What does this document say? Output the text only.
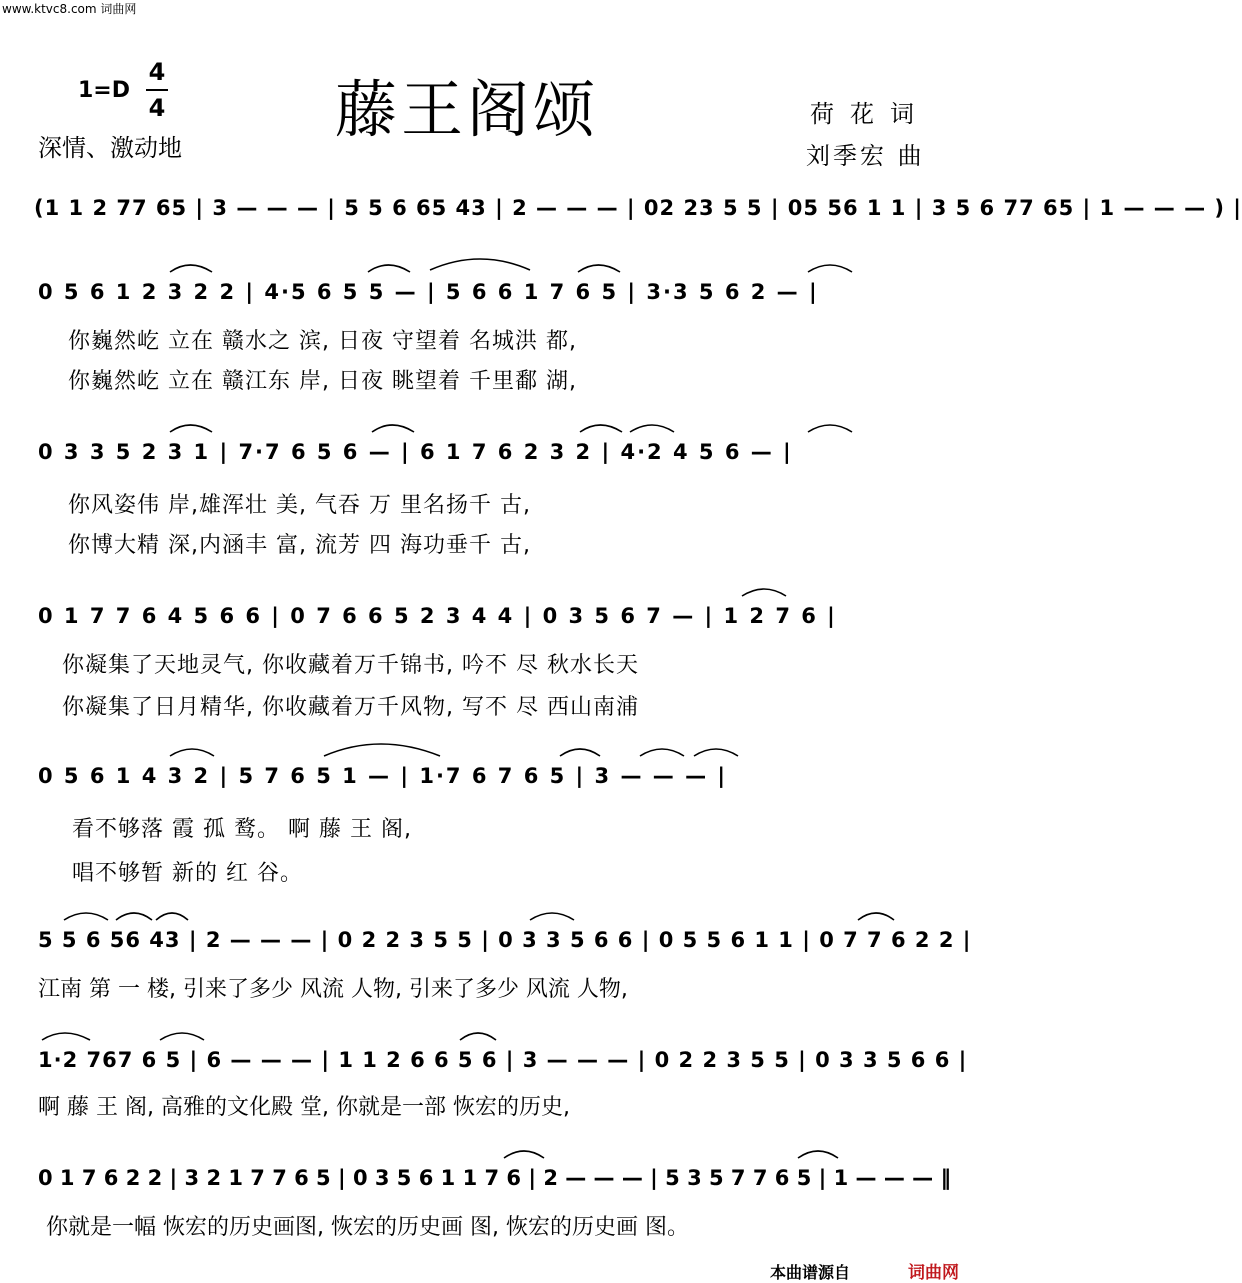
www.ktvc8.com 词曲网
1=D
4
4
深情、激动地
藤王阁颂	荷花词
刘季宏 曲
(1 1 2 77 65 | 3 — — — | 5 5 6 65 43 | 2 — — — | 02 23 5 5 | 05 56 1 1 | 3 5 6 77 65 | 1 — — — ) |
0 5 6 1 2 3 2 2 | 4·5 6 5 5 — | 5 6 6 1 7 6 5 | 3·3 5 6 2 — |
你巍然屹 立在 赣水之 滨, 日夜 守望着 名城洪 都,
你巍然屹 立在 赣江东 岸, 日夜 眺望着 千里鄱 湖,
0 3 3 5 2 3 1 | 7·7 6 5 6 — | 6 1 7 6 2 3 2 | 4·2 4 5 6 — |
你风姿伟 岸,雄浑壮 美, 气吞 万 里名扬千 古,
你博大精 深,内涵丰 富, 流芳 四 海功垂千 古,
0 1 7 7 6 4 5 6 6 | 0 7 6 6 5 2 3 4 4 | 0 3 5 6 7 — | 1 2 7 6 |
你凝集了天地灵气, 你收藏着万千锦书, 吟不 尽 秋水长天
你凝集了日月精华, 你收藏着万千风物, 写不 尽 西山南浦
0 5 6 1 4 3 2 | 5 7 6 5 1 — | 1·7 6 7 6 5 | 3 — — — |
看不够落 霞 孤 鹜。 啊 藤 王 阁,
唱不够暂 新的 红 谷。
5 5 6 56 43 | 2 — — — | 0 2 2 3 5 5 | 0 3 3 5 6 6 | 0 5 5 6 1 1 | 0 7 7 6 2 2 |
江南 第 一 楼, 引来了多少 风流 人物, 引来了多少 风流 人物,
1·2 767 6 5 | 6 — — — | 1 1 2 6 6 5 6 | 3 — — — | 0 2 2 3 5 5 | 0 3 3 5 6 6 |
啊 藤 王 阁, 高雅的文化殿 堂, 你就是一部 恢宏的历史,
0 1 7 6 2 2 | 3 2 1 7 7 6 5 | 0 3 5 6 1 1 7 6 | 2 — — — | 5 3 5 7 7 6 5 | 1 — — — ‖
你就是一幅 恢宏的历史画图, 恢宏的历史画 图, 恢宏的历史画 图。
本曲谱源自	词曲网
